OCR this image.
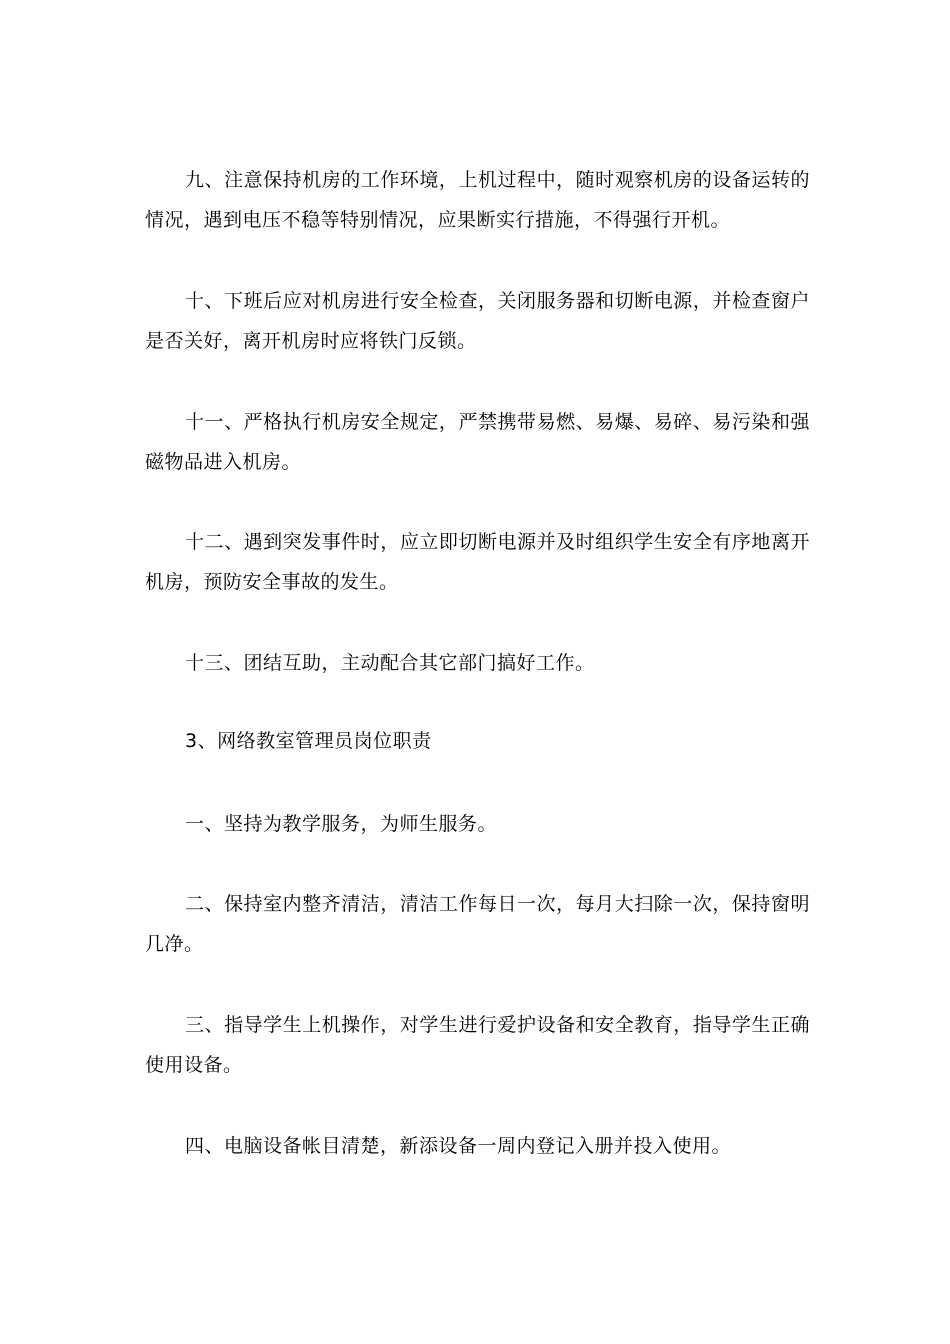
九、注意保持机房的工作环境，上机过程中，随时观察机房的设备运转的情况，遇到电压不稳等特别情况，应果断实行措施，不得强行开机。

十、下班后应对机房进行安全检查，关闭服务器和切断电源，并检查窗户是否关好，离开机房时应将铁门反锁。

十一、严格执行机房安全规定，严禁携带易燃、易爆、易碎、易污染和强磁物品进入机房。

十二、遇到突发事件时，应立即切断电源并及时组织学生安全有序地离开机房，预防安全事故的发生。

十三、团结互助，主动配合其它部门搞好工作。

3、网络教室管理员岗位职责

一、坚持为教学服务，为师生服务。

二、保持室内整齐清洁，清洁工作每日一次，每月大扫除一次，保持窗明几净。

三、指导学生上机操作，对学生进行爱护设备和安全教育，指导学生正确使用设备。

四、电脑设备帐目清楚，新添设备一周内登记入册并投入使用。
